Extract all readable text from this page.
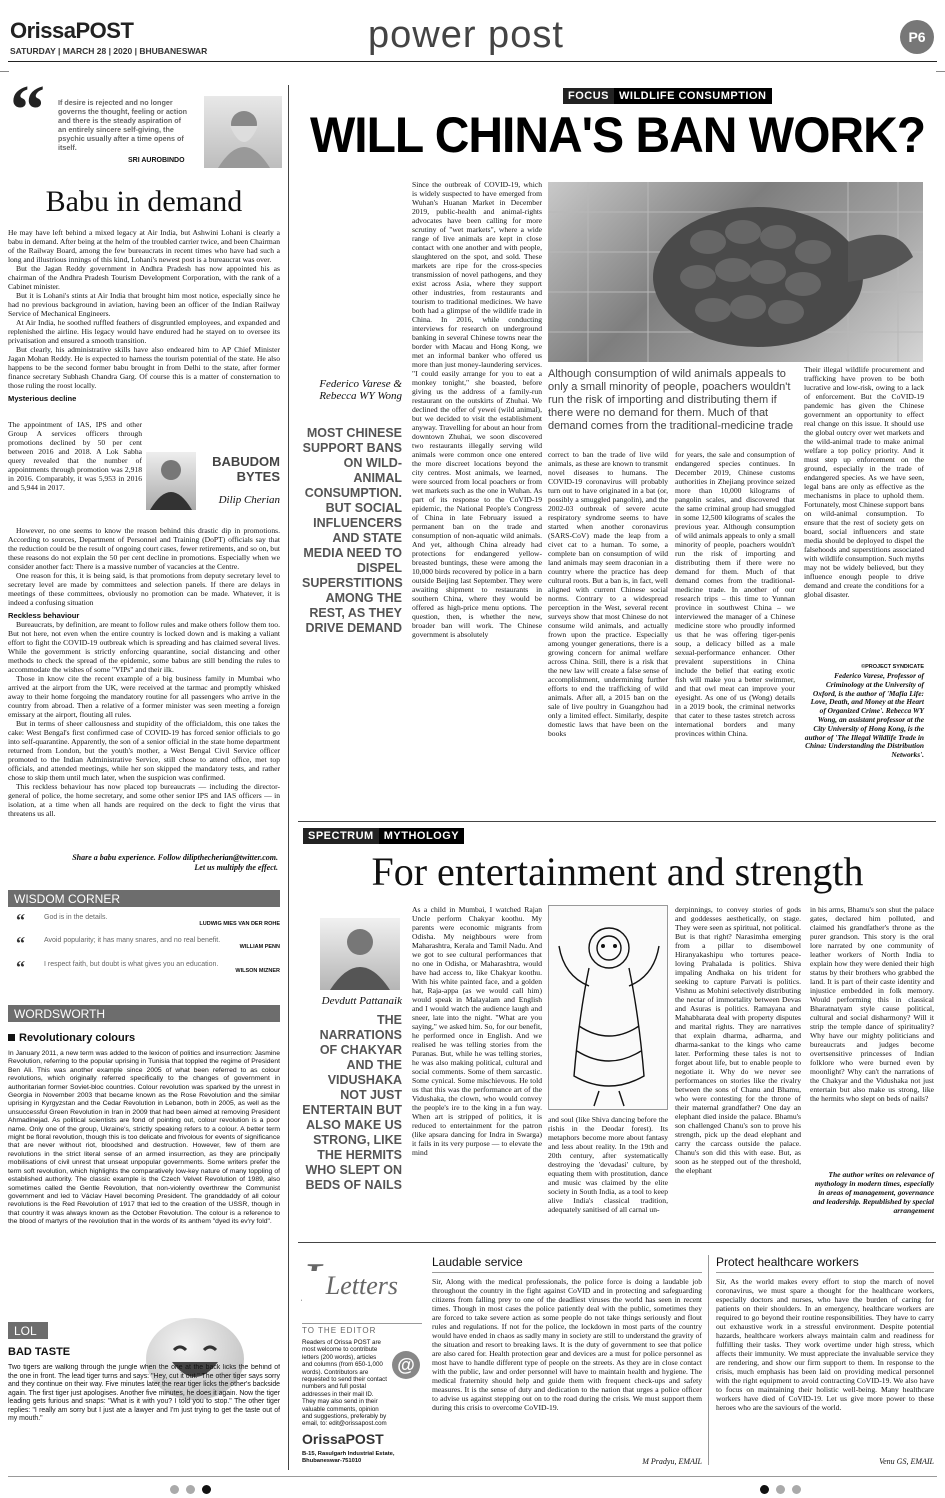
OrissaPOST
SATURDAY | MARCH 28 | 2020 | BHUBANESWAR	power post	P6
“ If desire is rejected and no longer governs the thought, feeling or action and there is the steady aspiration of an entirely sincere self-giving, the psychic usually after a time opens of itself.
SRI AUROBINDO
Babu in demand

He may have left behind a mixed legacy at Air India, but Ashwini Lohani is clearly a babu in demand. After being at the helm of the troubled carrier twice, and been Chairman of the Railway Board, among the few bureaucrats in recent times who have had such a long and illustrious innings of this kind, Lohani's newest post is a bureaucrat was over.

But the Jagan Reddy government in Andhra Pradesh has now appointed his as chairman of the Andhra Pradesh Tourism Development Corporation, with the rank of a Cabinet minister.

But it is Lohani's stints at Air India that brought him most notice, especially since he had no previous background in aviation, having been an officer of the Indian Railway Service of Mechanical Engineers.

At Air India, he soothed ruffled feathers of disgruntled employees, and expanded and replenished the airline. His legacy would have endured had he stayed on to oversee its privatisation and ensured a smooth transition.

But clearly, his administrative skills have also endeared him to AP Chief Minister Jagan Mohan Reddy. He is expected to harness the tourism potential of the state. He also happens to be the second former babu brought in from Delhi to the state, after former finance secretary Subhash Chandra Garg. Of course this is a matter of consternation to those ruling the roost locally.

Mysterious decline

The appointment of IAS, IPS and other Group A services officers through promotions declined by 50 per cent between 2016 and 2018. A Lok Sabha query revealed that the number of appointments through promotion was 2,918 in 2016. Comparably, it was 5,953 in 2016 and 5,944 in 2017.

BABUDOM BYTES
Dilip Cherian

However, no one seems to know the reason behind this drastic dip in promotions. According to sources, Department of Personnel and Training (DoPT) officials say that the reduction could be the result of ongoing court cases, fewer retirements, and so on, but these reasons do not explain the 50 per cent decline in promotions. Especially when we consider another fact: There is a massive number of vacancies at the Centre.

One reason for this, it is being said, is that promotions from deputy secretary level to secretary level are made by committees and selection panels. If there are delays in meetings of these committees, obviously no promotion can be made. Whatever, it is indeed a confusing situation

Reckless behaviour

Bureaucrats, by definition, are meant to follow rules and make others follow them too. But not here, not even when the entire country is locked down and is making a valiant effort to fight the COVID-19 outbreak which is spreading and has claimed several lives. While the government is strictly enforcing quarantine, social distancing and other methods to check the spread of the epidemic, some babus are still bending the rules to accommodate the wishes of some "VIPs" and their ilk.

Those in know cite the recent example of a big business family in Mumbai who arrived at the airport from the UK, were received at the tarmac and promptly whisked away to their home forgoing the mandatory routine for all passengers who arrive in the country from abroad. Then a relative of a former minister was seen meeting a foreign emissary at the airport, flouting all rules.

But in terms of sheer callousness and stupidity of the officialdom, this one takes the cake: West Bengal's first confirmed case of COVID-19 has forced senior officials to go into self-quarantine. Apparently, the son of a senior official in the state home department returned from London, but the youth's mother, a West Bengal Civil Service officer promoted to the Indian Administrative Service, still chose to attend office, met top officials, and attended meetings, while her son skipped the mandatory tests, and rather chose to skip them until much later, when the suspicion was confirmed.

This reckless behaviour has now placed top bureaucrats — including the director-general of police, the home secretary, and some other senior IPS and IAS officers — in isolation, at a time when all hands are required on the deck to fight the virus that threatens us all.

Share a babu experience. Follow dilipthecherian@twitter.com.
Let us multiply the effect.
WISDOM CORNER
“	God is in the details.
LUDWIG MIES VAN DER ROHE
“	Avoid popularity; it has many snares, and no real benefit.
WILLIAM PENN
“	I respect faith, but doubt is what gives you an education.
WILSON MIZNER
WORDSWORTH
Revolutionary colours
In January 2011, a new term was added to the lexicon of politics and insurrection: Jasmine Revolution, referring to the popular uprising in Tunisia that toppled the regime of President Ben Ali. This was another example since 2005 of what been referred to as colour revolutions, which originally referred specifically to the changes of government in authoritarian former Soviet-bloc countries. Colour revolution was sparked by the unrest in Georgia in November 2003 that became known as the Rose Revolution and the similar uprising in Kyrgyzstan and the Cedar Revolution in Lebanon, both in 2005, as well as the unsuccessful Green Revolution in Iran in 2009 that had been aimed at removing President Ahmadinejad. As political scientists are fond of pointing out, colour revolution is a poor name. Only one of the group, Ukraine's, strictly speaking refers to a colour. A better term might be floral revolution, though this is too delicate and frivolous for events of significance that are never without riot, bloodshed and destruction. However, few of them are revolutions in the strict literal sense of an armed insurrection, as they are principally mobilisations of civil unrest that unseat unpopular governments. Some writers prefer the term soft revolution, which highlights the comparatively low-key nature of many toppling of established authority. The classic example is the Czech Velvet Revolution of 1989, also sometimes called the Gentle Revolution, that non-violently overthrew the Communist government and led to Václav Havel becoming President. The granddaddy of all colour revolutions is the Red Revolution of 1917 that led to the creation of the USSR, though in that country it was always known as the October Revolution. The colour is a reference to the blood of martyrs of the revolution that in the words of its anthem "dyed its ev'ry fold".
LOL
BAD TASTE
Two tigers are walking through the jungle when the one at the back licks the behind of the one in front. The lead tiger turns and says: "Hey, cut it out." The other tiger says sorry and they continue on their way. Five minutes later the rear tiger licks the other's backside again. The first tiger just apologises. Another five minutes, he does it again. Now the tiger leading gets furious and snaps: "What is it with you? I told you to stop." The other tiger replies: "I really am sorry but I just ate a lawyer and I'm just trying to get the taste out of my mouth."
FOCUS WILDLIFE CONSUMPTION
WILL CHINA'S BAN WORK?
Federico Varese & Rebecca WY Wong
MOST CHINESE SUPPORT BANS ON WILD-ANIMAL CONSUMPTION. BUT SOCIAL INFLUENCERS AND STATE MEDIA NEED TO DISPEL SUPERSTITIONS AMONG THE REST, AS THEY DRIVE DEMAND
Since the outbreak of COVID-19, which is widely suspected to have emerged from Wuhan's Huanan Market in December 2019, public-health and animal-rights advocates have been calling for more scrutiny of "wet markets", where a wide range of live animals are kept in close contact with one another and with people, slaughtered on the spot, and sold. These markets are ripe for the cross-species transmission of novel pathogens, and they exist across Asia, where they support other industries, from restaurants and tourism to traditional medicines. We have both had a glimpse of the wildlife trade in China. In 2016, while conducting interviews for research on underground banking in several Chinese towns near the border with Macau and Hong Kong, we met an informal banker who offered us more than just money-laundering services. "I could easily arrange for you to eat a monkey tonight," she boasted, before giving us the address of a family-run restaurant on the outskirts of Zhuhai. We declined the offer of yewei (wild animal), but we decided to visit the establishment anyway. Travelling for about an hour from downtown Zhuhai, we soon discovered two restaurants illegally serving wild animals were common once one entered the more discreet locations beyond the city centres. Most animals, we learned, were sourced from local poachers or from wet markets such as the one in Wuhan. As part of its response to the CoVID-19 epidemic, the National People's Congress of China in late February issued a permanent ban on the trade and consumption of non-aquatic wild animals. And yet, although China already had protections for endangered yellow-breasted buntings, these were among the 10,000 birds recovered by police in a barn outside Beijing last September. They were awaiting shipment to restaurants in southern China, where they would be offered as high-price menu options. The question, then, is whether the new, broader ban will work. The Chinese government is absolutely
Although consumption of wild animals appeals to only a small minority of people, poachers wouldn't run the risk of importing and distributing them if there were no demand for them. Much of that demand comes from the traditional-medicine trade
correct to ban the trade of live wild animals, as these are known to transmit novel diseases to humans. The COVID-19 coronavirus will probably turn out to have originated in a bat (or, possibly a smuggled pangolin), and the 2002-03 outbreak of severe acute respiratory syndrome seems to have started when another coronavirus (SARS-CoV) made the leap from a civet cat to a human. To some, a complete ban on consumption of wild land animals may seem draconian in a country where the practice has deep cultural roots. But a ban is, in fact, well aligned with current Chinese social norms. Contrary to a widespread perception in the West, several recent surveys show that most Chinese do not consume wild animals, and actually frown upon the practice. Especially among younger generations, there is a growing concern for animal welfare across China. Still, there is a risk that the new law will create a false sense of accomplishment, undermining further efforts to end the trafficking of wild animals. After all, a 2015 ban on the sale of live poultry in Guangzhou had only a limited effect. Similarly, despite domestic laws that have been on the books
for years, the sale and consumption of endangered species continues. In December 2019, Chinese customs authorities in Zhejiang province seized more than 10,000 kilograms of pangolin scales, and discovered that the same criminal group had smuggled in some 12,500 kilograms of scales the previous year. Although consumption of wild animals appeals to only a small minority of people, poachers wouldn't run the risk of importing and distributing them if there were no demand for them. Much of that demand comes from the traditional-medicine trade. In another of our research trips – this time to Yunnan province in southwest China – we interviewed the manager of a Chinese medicine store who proudly informed us that he was offering tiger-penis soup, a delicacy billed as a male sexual-performance enhancer. Other prevalent superstitions in China include the belief that eating exotic fish will make you a better swimmer, and that owl meat can improve your eyesight. As one of us (Wong) details in a 2019 book, the criminal networks that cater to these tastes stretch across international borders and many provinces within China.
Their illegal wildlife procurement and trafficking have proven to be both lucrative and low-risk, owing to a lack of enforcement. But the CoVID-19 pandemic has given the Chinese government an opportunity to effect real change on this issue. It should use the global outcry over wet markets and the wild-animal trade to make animal welfare a top policy priority. And it must step up enforcement on the ground, especially in the trade of endangered species. As we have seen, legal bans are only as effective as the mechanisms in place to uphold them. Fortunately, most Chinese support bans on wild-animal consumption. To ensure that the rest of society gets on board, social influencers and state media should be deployed to dispel the falsehoods and superstitions associated with wildlife consumption. Such myths may not be widely believed, but they influence enough people to drive demand and create the conditions for a global disaster.
©PROJECT SYNDICATE
Federico Varese, Professor of Criminology at the University of Oxford, is the author of 'Mafia Life: Love, Death, and Money at the Heart of Organized Crime'. Rebecca WY Wong, an assistant professor at the City University of Hong Kong, is the author of 'The Illegal Wildlife Trade in China: Understanding the Distribution Networks'.
SPECTRUM MYTHOLOGY
For entertainment and strength
Devdutt Pattanaik
THE NARRATIONS OF CHAKYAR AND THE VIDUSHAKA NOT JUST ENTERTAIN BUT ALSO MAKE US STRONG, LIKE THE HERMITS WHO SLEPT ON BEDS OF NAILS
As a child in Mumbai, I watched Rajan Uncle perform Chakyar koothu. My parents were economic migrants from Odisha. My neighbours were from Maharashtra, Kerala and Tamil Nadu. And we got to see cultural performances that no one in Odisha, or Maharashtra, would have had access to, like Chakyar koothu. With his white painted face, and a golden hat, Raja-appa (as we would call him) would speak in Malayalam and English and I would watch the audience laugh and sneer, late into the night. "What are you saying," we asked him. So, for our benefit, he performed once in English. And we realised he was telling stories from the Puranas. But, while he was telling stories, he was also making political, cultural and social comments. Some of them sarcastic. Some cynical. Some mischievous. He told us that this was the performance art of the Vidushaka, the clown, who would convey the people's ire to the king in a fun way. When art is stripped of politics, it is reduced to entertainment for the patron (like apsara dancing for Indra in Swarga) it fails in its very purpose — to elevate the mind
and soul (like Shiva dancing before the rishis in the Deodar forest). Its metaphors become more about fantasy and less about reality. In the 19th and 20th century, after systematically destroying the 'devadasi' culture, by equating them with prostitution, dance and music was claimed by the elite society in South India, as a tool to keep alive India's classical tradition, adequately sanitised of all carnal un-
derpinnings, to convey stories of gods and goddesses aesthetically, on stage. They were seen as spiritual, not political. But is that right? Narasimha emerging from a pillar to disembowel Hiranyakashipu who tortures peace-loving Prahalada is politics. Shiva impaling Andhaka on his trident for seeking to capture Parvati is politics. Vishnu as Mohini selectively distributing the nectar of immortality between Devas and Asuras is politics. Ramayana and Mahabharata deal with property disputes and marital rights. They are narratives that explain dharma, adharma, and dharma-sankat to the kings who came later. Performing these tales is not to forget about life, but to enable people to negotiate it. Why do we never see performances on stories like the rivalry between the sons of Chanu and Bhamu, who were contesting for the throne of their maternal grandfather? One day an elephant died inside the palace. Bhamu's son challenged Chanu's son to prove his strength, pick up the dead elephant and carry the carcass outside the palace. Chanu's son did this with ease. But, as soon as he stepped out of the threshold, the elephant
in his arms, Bhamu's son shut the palace gates, declared him polluted, and claimed his grandfather's throne as the purer grandson. This story is the oral lore narrated by one community of leather workers of North India to explain how they were denied their high status by their brothers who grabbed the land. It is part of their caste identity and injustice embedded in folk memory. Would performing this in classical Bharatnatyam style cause political, cultural and social disharmony? Will it strip the temple dance of spirituality? Why have our mighty politicians and bureaucrats and judges become overtsensitive princesses of Indian folklore who were burned even by moonlight? Why can't the narrations of the Chakyar and the Vidushaka not just entertain but also make us strong, like the hermits who slept on beds of nails?
The author writes on relevance of mythology in modern times, especially in areas of management, governance and leadership. Republished by special arrangement
Letters
TO THE EDITOR
Readers of Orissa POST are most welcome to contribute letters (200 words), articles and columns (from 650-1,000 words). Contributors are requested to send their contact numbers and full postal addresses in their mail ID. They may also send in their valuable comments, opinion and suggestions, preferably by email, to: edit@orissapost.com
@
OrissaPOST
B-15, Rasulgarh Industrial Estate, Bhubaneswar-751010
Laudable service
Sir, Along with the medical professionals, the police force is doing a laudable job throughout the country in the fight against CoVID and in protecting and safeguarding citizens from falling prey to one of the deadliest viruses the world has seen in recent times. Though in most cases the police patiently deal with the public, sometimes they are forced to take severe action as some people do not take things seriously and flout rules and regulations. If not for the police, the lockdown in most parts of the country would have ended in chaos as sadly many in society are still to understand the gravity of the situation and resort to breaking laws. It is the duty of government to see that police are also cared for. Health protection gear and devices are a must for police personnel as most have to handle different type of people on the streets. As they are in close contact with the public, law and order personnel will have to maintain health and hygiene. The medical fraternity should help and guide them with frequent check-ups and safety measures. It is the sense of duty and dedication to the nation that urges a police officer to advise us against stepping out on to the road during the crisis. We must support them during this crisis to overcome CoVID-19.
M Pradyu, EMAIL
Protect healthcare workers
Sir, As the world makes every effort to stop the march of novel coronavirus, we must spare a thought for the healthcare workers, especially doctors and nurses, who have the burden of caring for patients on their shoulders. In an emergency, healthcare workers are required to go beyond their routine responsibilities. They have to carry out exhaustive work in a stressful environment. Despite potential hazards, healthcare workers always maintain calm and readiness for fulfilling their tasks. They work overtime under high stress, which affects their immunity. We must appreciate the invaluable service they are rendering, and show our firm support to them. In response to the crisis, much emphasis has been laid on providing medical personnel with the right equipment to avoid contracting CoVID-19. We also have to focus on maintaining their holistic well-being. Many healthcare workers have died of CoVID-19. Let us give more power to these heroes who are the saviours of the world.
Venu GS, EMAIL
